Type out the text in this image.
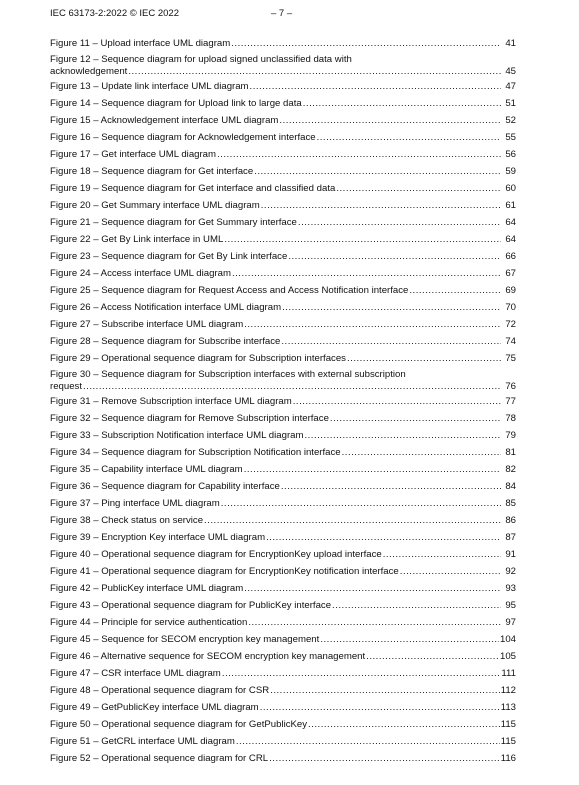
IEC 63173-2:2022 © IEC 2022	– 7 –
Figure 11 – Upload interface UML diagram .....	41
Figure 12 – Sequence diagram for upload signed unclassified data with
acknowledgement .....	45
Figure 13 – Update link interface UML diagram .....	47
Figure 14 – Sequence diagram for Upload link to large data .....	51
Figure 15 – Acknowledgement interface UML diagram .....	52
Figure 16 – Sequence diagram for Acknowledgement interface .....	55
Figure 17 – Get interface UML diagram .....	56
Figure 18 – Sequence diagram for Get interface .....	59
Figure 19 – Sequence diagram for Get interface and classified data .....	60
Figure 20 – Get Summary interface UML diagram .....	61
Figure 21 – Sequence diagram for Get Summary interface .....	64
Figure 22 – Get By Link interface in UML .....	64
Figure 23 – Sequence diagram for Get By Link interface .....	66
Figure 24 – Access interface UML diagram .....	67
Figure 25 – Sequence diagram for Request Access and Access Notification interface .....	69
Figure 26 – Access Notification interface UML diagram .....	70
Figure 27 – Subscribe interface UML diagram .....	72
Figure 28 – Sequence diagram for Subscribe interface .....	74
Figure 29 – Operational sequence diagram for Subscription interfaces .....	75
Figure 30 – Sequence diagram for Subscription interfaces with external subscription
request .....	76
Figure 31 – Remove Subscription interface UML diagram .....	77
Figure 32 – Sequence diagram for Remove Subscription interface .....	78
Figure 33 – Subscription Notification interface UML diagram .....	79
Figure 34 – Sequence diagram for Subscription Notification interface .....	81
Figure 35 – Capability interface UML diagram .....	82
Figure 36 – Sequence diagram for Capability interface .....	84
Figure 37 – Ping interface UML diagram .....	85
Figure 38 – Check status on service .....	86
Figure 39 – Encryption Key interface UML diagram .....	87
Figure 40 – Operational sequence diagram for EncryptionKey upload interface .....	91
Figure 41 – Operational sequence diagram for EncryptionKey notification interface .....	92
Figure 42 – PublicKey interface UML diagram .....	93
Figure 43 – Operational sequence diagram for PublicKey interface .....	95
Figure 44 – Principle for service authentication .....	97
Figure 45 – Sequence for SECOM encryption key management .....	104
Figure 46 – Alternative sequence for SECOM encryption key management .....	105
Figure 47 – CSR interface UML diagram .....	111
Figure 48 – Operational sequence diagram for CSR .....	112
Figure 49 – GetPublicKey interface UML diagram .....	113
Figure 50 – Operational sequence diagram for GetPublicKey .....	115
Figure 51 – GetCRL interface UML diagram .....	115
Figure 52 – Operational sequence diagram for CRL .....	116
